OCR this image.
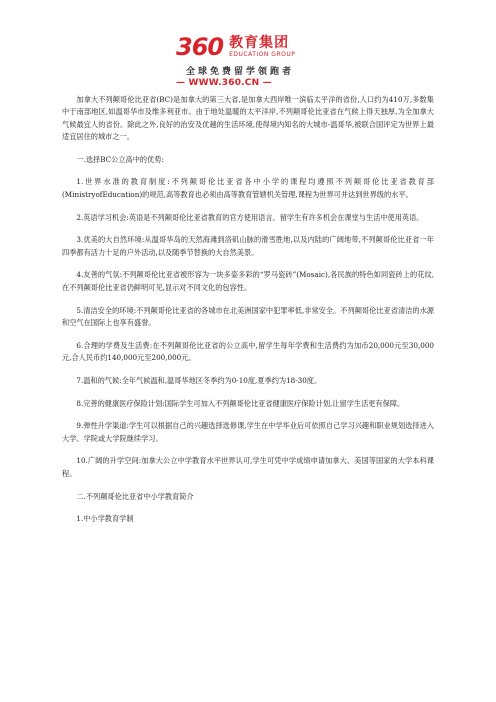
360 教育集团
EDUCATION GROUP
全球免费留学领跑者
— WWW.360.CN —

加拿大不列颠哥伦比亚省(BC)是加拿大的第三大省,是加拿大西岸唯一滨临太平洋的省份,人口约为410万,多数集中于南部地区,如温哥华市及维多利亚市。由于地处温暖的太平洋岸,不列颠哥伦比亚省在气候上得天独厚,为全加拿大气候最宜人的省份。除此之外,良好的治安及优越的生活环境,使得境内知名的大城市-温哥华,被联合国评定为世界上最适宜居住的城市之一。

一.选择BC公立高中的优势:

1.世界水准的教育制度:不列颠哥伦比亚省各中小学的课程均遵照不列颠哥伦比亚省教育部(MinistryofEducation)的规范,高等教育也必须由高等教育管辖机关管理,课程为世界可并达到世界级的水平。

2.英语学习机会:英语是不列颠哥伦比亚省教育的官方使用语言。留学生有许多机会在课堂与生活中使用英语。

3.优美的大自然环境:从温哥华岛的天然海滩到洛矶山脉的滑雪胜地,以及内陆的广阔地带,不列颠哥伦比亚省一年四季都有活力十足的户外活动,以及随季节替换的大自然美景。

4.友善的气氛:不列颠哥伦比亚省被形容为一块多姿多彩的“罗马瓷砖”(Mosaic),各民族的特色如同瓷砖上的花纹,在不列颠哥伦比亚省仍鲜明可见,显示对不同文化的包容性。

5.清洁安全的环境:不列颠哥伦比亚省的各城市在北美洲国家中犯罪率低,非常安全。不列颠哥伦比亚省清洁的水源和空气在国际上也享有盛誉。

6.合理的学费及生活费:在不列颠哥伦比亚省的公立高中,留学生每年学费和生活费约为加币20,000元至30,000元,合人民币约140,000元至200,000元。

7.温和的气候:全年气候温和,温哥华地区冬季约为0-10度,夏季约为18-30度。

8.完善的健康医疗保险计划:国际学生可加入不列颠哥伦比亚省健康医疗保险计划,让留学生活更有保障。

9.弹性升学渠道:学生可以根据自己的兴趣选择选修课,学生在中学毕业后可依照自己学习兴趣和职业规划选择进入大学、学院或大学院继续学习。

10.广阔的升学空间:加拿大公立中学教育水平世界认可,学生可凭中学成绩申请加拿大、美国等国家的大学本科课程。

二.不列颠哥伦比亚省中小学教育简介

1.中小学教育学制
